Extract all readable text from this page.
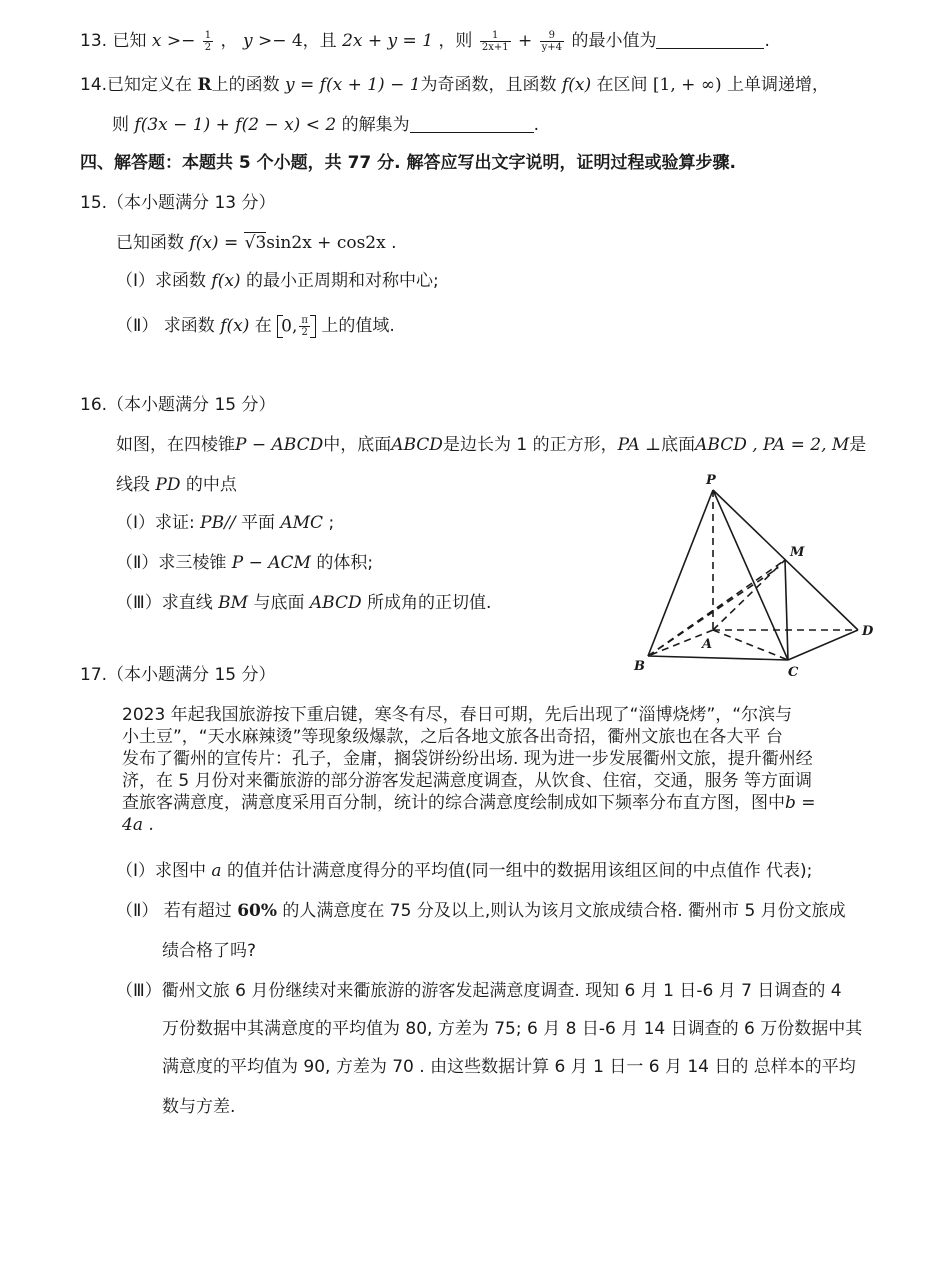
13. 已知 $x >- \frac{1}{2}$ ， y >− 4，且 2x + y = 1 ，则 $\frac{1}{2x+1} + \frac{9}{y+4}$ 的最小值为	.
14.已知定义在 R上的函数 y = f(x + 1) − 1为奇函数，且函数 f(x) 在区间 [1, + ∞) 上单调递增，
则 f(3x − 1) + f(2 − x) < 2 的解集为	.
四、解答题：本题共 5 个小题，共 77 分. 解答应写出文字说明，证明过程或验算步骤.
15.（本小题满分 13 分）
已知函数 f(x) = √3sin2x + cos2x .
（Ⅰ）求函数 f(x) 的最小正周期和对称中心;
（Ⅱ） 求函数 f(x) 在 0, $\frac{\pi}{2}$ 上的值域.
16.（本小题满分 15 分）
如图，在四棱锥P − ABCD中，底面ABCD是边长为 1 的正方形，PA ⊥底面ABCD , PA = 2, M是
线段 PD 的中点
（Ⅰ）求证: PB// 平面 AMC ;
（Ⅱ）求三棱锥 P − ACM 的体积;
（Ⅲ）求直线 BM 与底面 ABCD 所成角的正切值.
P
M
A
B	C
D
17.（本小题满分 15 分）
2023 年起我国旅游按下重启键，寒冬有尽，春日可期，先后出现了“淄博烧烤”，“尔滨与
小土豆”，“天水麻辣烫”等现象级爆款，之后各地文旅各出奇招，衢州文旅也在各大平 台
发布了衢州的宣传片：孔子，金庸，搁袋饼纷纷出场. 现为进一步发展衢州文旅，提升衢州经
济，在 5 月份对来衢旅游的部分游客发起满意度调查，从饮食、住宿，交通，服务 等方面调
查旅客满意度，满意度采用百分制，统计的综合满意度绘制成如下频率分布直方图，图中b =
4a .
（Ⅰ）求图中 a 的值并估计满意度得分的平均值(同一组中的数据用该组区间的中点值作 代表);
（Ⅱ） 若有超过 60% 的人满意度在 75 分及以上,则认为该月文旅成绩合格. 衢州市 5 月份文旅成
绩合格了吗?
（Ⅲ）衢州文旅 6 月份继续对来衢旅游的游客发起满意度调查. 现知 6 月 1 日-6 月 7 日调查的 4
万份数据中其满意度的平均值为 80, 方差为 75; 6 月 8 日-6 月 14 日调查的 6 万份数据中其
满意度的平均值为 90, 方差为 70 . 由这些数据计算 6 月 1 日一 6 月 14 日的 总样本的平均
数与方差.
